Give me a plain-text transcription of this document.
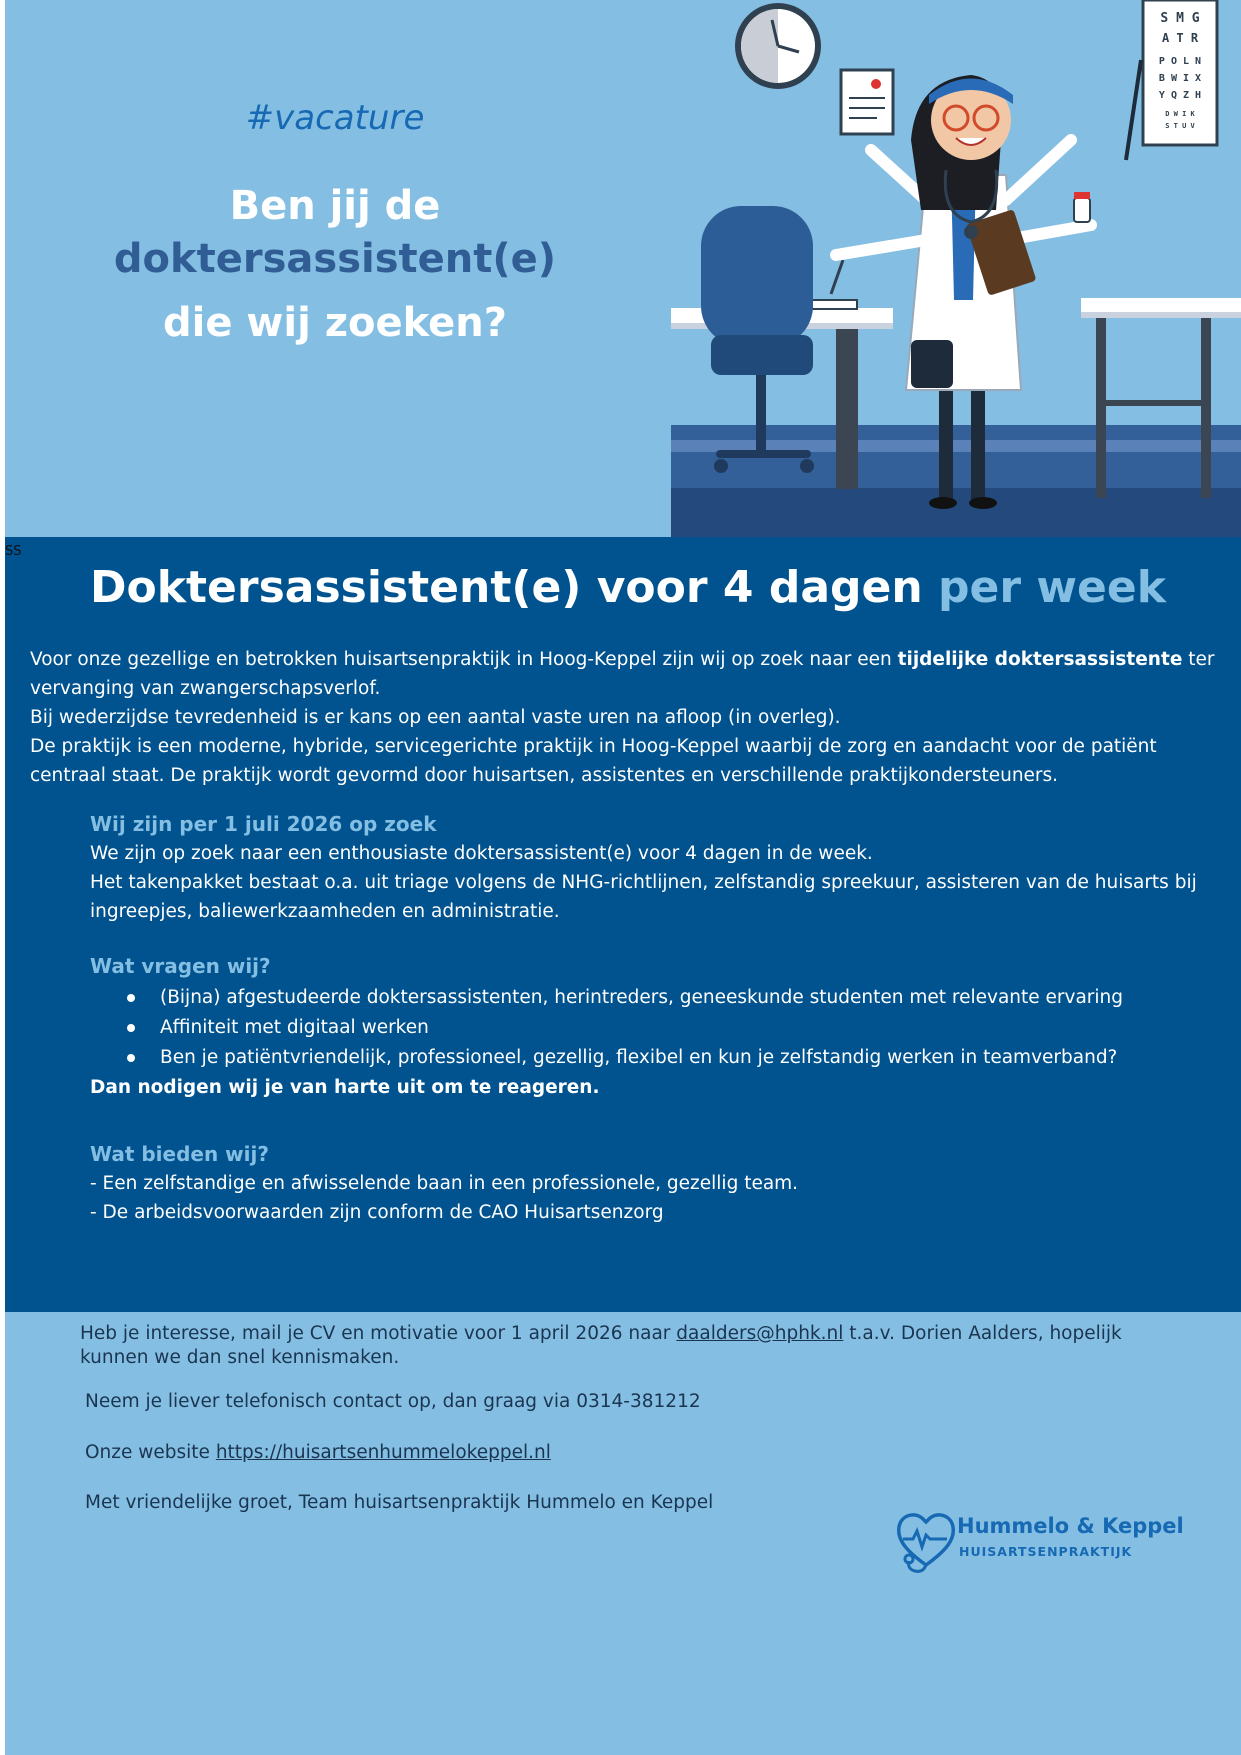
#vacature
Ben jij de
doktersassistent(e)
die wij zoeken?
S M G
A T R
P O L N
B W I X
Y Q Z H
D W I K
S T U V
SS
Doktersassistent(e) voor 4 dagen per week

Voor onze gezellige en betrokken huisartsenpraktijk in Hoog-Keppel zijn wij op zoek naar een tijdelijke doktersassistente ter vervanging van zwangerschapsverlof.

Bij wederzijdse tevredenheid is er kans op een aantal vaste uren na afloop (in overleg).

De praktijk is een moderne, hybride, servicegerichte praktijk in Hoog-Keppel waarbij de zorg en aandacht voor de patiënt centraal staat. De praktijk wordt gevormd door huisartsen, assistentes en verschillende praktijkondersteuners.

Wij zijn per 1 juli 2026 op zoek

We zijn op zoek naar een enthousiaste doktersassistent(e) voor 4 dagen in de week.

Het takenpakket bestaat o.a. uit triage volgens de NHG-richtlijnen, zelfstandig spreekuur, assisteren van de huisarts bij ingreepjes, baliewerkzaamheden en administratie.

Wat vragen wij?
(Bijna) afgestudeerde doktersassistenten, herintreders, geneeskunde studenten met relevante ervaring
Affiniteit met digitaal werken
Ben je patiëntvriendelijk, professioneel, gezellig, flexibel en kun je zelfstandig werken in teamverband?

Dan nodigen wij je van harte uit om te reageren.

Wat bieden wij?

- Een zelfstandige en afwisselende baan in een professionele, gezellig team.

- De arbeidsvoorwaarden zijn conform de CAO Huisartsenzorg

Heb je interesse, mail je CV en motivatie voor 1 april 2026 naar daalders@hphk.nl t.a.v. Dorien Aalders, hopelijk kunnen we dan snel kennismaken.
Neem je liever telefonisch contact op, dan graag via 0314-381212
Onze website https://huisartsenhummelokeppel.nl
Met vriendelijke groet, Team huisartsenpraktijk Hummelo en Keppel
Hummelo & Keppel
HUISARTSENPRAKTIJK
